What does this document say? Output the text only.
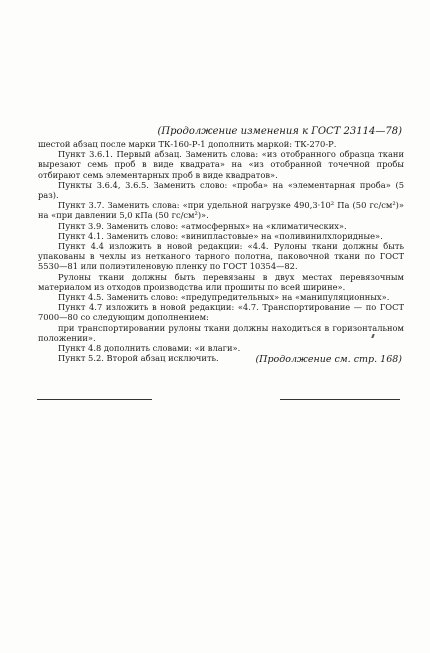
(Продолжение изменения к ГОСТ 23114—78)

шестой абзац после марки ТК-160-Р-1 дополнить маркой: ТК-270-Р.

Пункт 3.6.1. Первый абзац. Заменить слова: «из отобранного образца ткани вырезают семь проб в виде квадрата» на «из отобранной точечной пробы отбирают семь элементарных проб в виде квадратов».

Пункты 3.6.4, 3.6.5. Заменить слово: «проба» на «элементарная проба» (5 раз).

Пункт 3.7. Заменить слова: «при удельной нагрузке 490,3·10² Па (50 гс/см²)» на «при давлении 5,0 кПа (50 гс/см²)».

Пункт 3.9. Заменить слово: «атмосферных» на «климатических».

Пункт 4.1. Заменить слово: «винипластовые» на «поливинилхлоридные».

Пункт 4.4 изложить в новой редакции: «4.4. Рулоны ткани должны быть упакованы в чехлы из нетканого тарного полотна, паковочной ткани по ГОСТ 5530—81 или полиэтиленовую пленку по ГОСТ 10354—82.

Рулоны ткани должны быть перевязаны в двух местах перевязочным материалом из отходов производства или прошиты по всей ширине».

Пункт 4.5. Заменить слово: «предупредительных» на «манипуляционных».

Пункт 4.7 изложить в новой редакции: «4.7. Транспортирование — по ГОСТ 7000—80 со следующим дополнением:

при транспортировании рулоны ткани должны находиться в горизонтальном положении».

Пункт 4.8 дополнить словами: «и влаги».

Пункт 5.2. Второй абзац исключить.	(Продолжение см. стр. 168)
